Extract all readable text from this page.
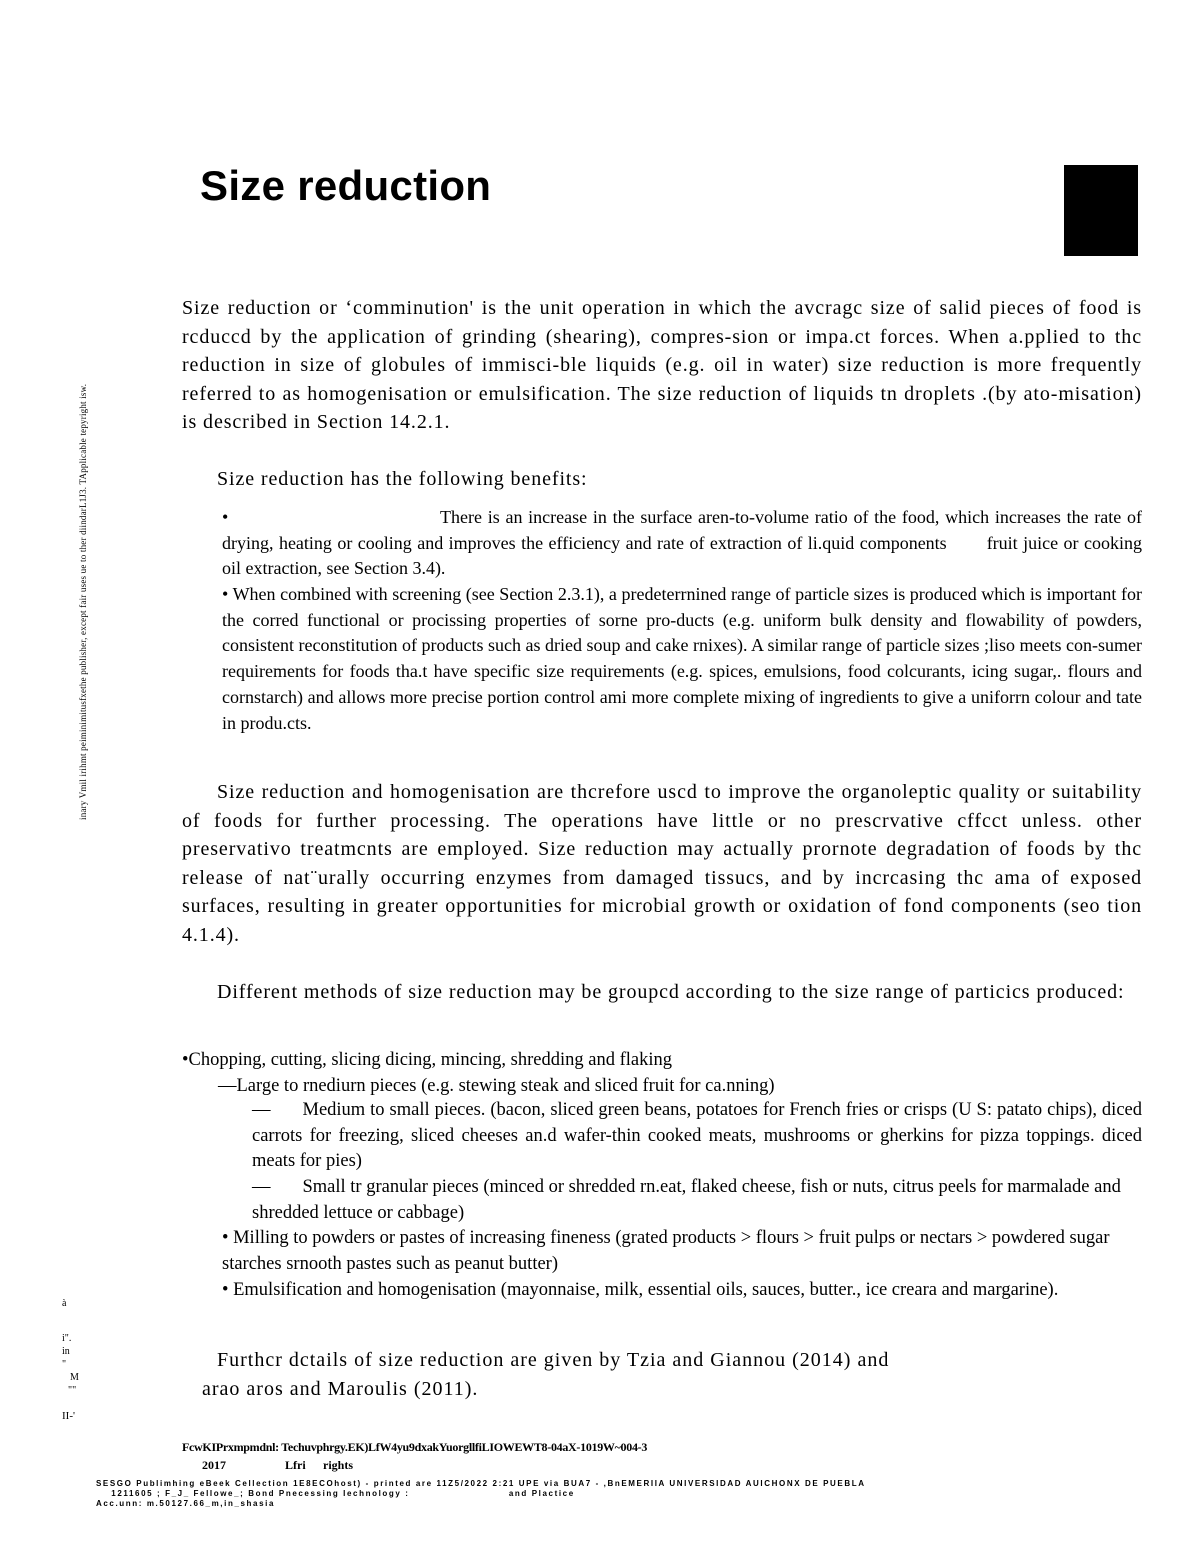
inary Vmil irihmt peiminimitusfxethe publisher, except fair uses ue to ther diindarL1J3. TApplicable tepyright isw.
Size reduction
Size reduction or ‘comminution' is the unit operation in which the avcragc size of salid pieces of food is rcduccd by the application of grinding (shearing), compres-sion or impa.ct forces. When a.pplied to thc reduction in size of globules of immisci-ble liquids (e.g. oil in water) size reduction is more frequently referred to as homogenisation or emulsification. The size reduction of liquids tn droplets .(by ato-misation) is described in Section 14.2.1.
Size reduction has the following benefits:
•	There is an increase in the surface aren-to-volume ratio of the food, which increases the rate of drying, heating or cooling and improves the efficiency and rate of extraction of li.quid components fruit juice or cooking oil extraction, see Section 3.4).
• When combined with screening (see Section 2.3.1), a predeterrnined range of particle sizes is produced which is important for the corred functional or procissing properties of sorne pro-ducts (e.g. uniform bulk density and flowability of powders, consistent reconstitution of products such as dried soup and cake rnixes). A similar range of particle sizes ;liso meets con-sumer requirements for foods tha.t have specific size requirements (e.g. spices, emulsions, food colcurants, icing sugar,. flours and cornstarch) and allows more precise portion control ami more complete mixing of ingredients to give a uniforrn colour and tate in produ.cts.
Size reduction and homogenisation are thcrefore uscd to improve the organoleptic quality or suitability of foods for further processing. The operations have little or no prescrvative cffcct unless. other preservativo treatmcnts are employed. Size reduction may actually prornote degradation of foods by thc release of nat¨urally occurring enzymes from damaged tissucs, and by incrcasing thc ama of exposed surfaces, resulting in greater opportunities for microbial growth or oxidation of fond components (seo tion 4.1.4).
Different methods of size reduction may be groupcd according to the size range of particics produced:
•Chopping, cutting, slicing dicing, mincing, shredding and flaking
—Large to rnediurn pieces (e.g. stewing steak and sliced fruit for ca.nning)
— Medium to small pieces. (bacon, sliced green beans, potatoes for French fries or crisps (U S: patato chips), diced carrots for freezing, sliced cheeses an.d wafer-thin cooked meats, mushrooms or gherkins for pizza toppings. diced meats for pies)
— Small tr granular pieces (minced or shredded rn.eat, flaked cheese, fish or nuts, citrus peels for marmalade and shredded lettuce or cabbage)
• Milling to powders or pastes of increasing fineness (grated products > flours > fruit pulps or nectars > powdered sugar starches srnooth pastes such as peanut butter)
• Emulsification and homogenisation (mayonnaise, milk, essential oils, sauces, butter., ice creara and margarine).
Furthcr dctails of size reduction are given by Tzia and Giannou (2014) and
arao aros and Maroulis (2011).
à
i".
in
"
M
""
II-'
FcwKIPrxmpmdnl: Techuvphrgy.EK)LfW4yu9dxakYuorgllfiLIOWEWT8-04aX-1019W~004-3
2017	Lfri rights
SESGO Publimhing eBeek Cellection 1E8ECOhost) - printed are 11Z5/2022 2:21 UPE via BUA7 - ,BnEMERIIA UNIVERSIDAD AUICHONX DE PUEBLA
1211605 ; F_J_ Fellowe_; Bond Pnecessing Iechnology :                          and Plactice
Acc.unn: m.50127.66_m,in_shasia
